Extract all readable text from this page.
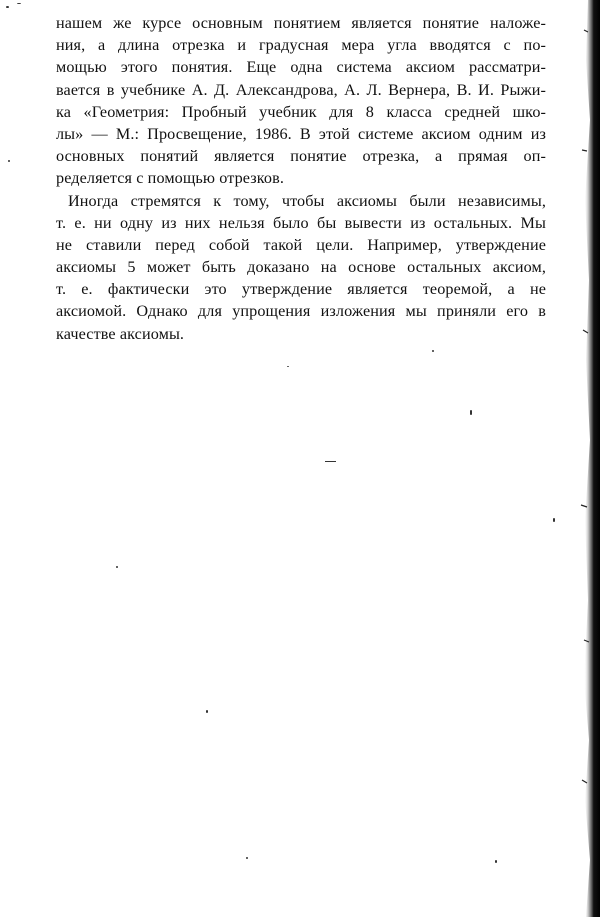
нашем же курсе основным понятием является понятие наложе-
ния, а длина отрезка и градусная мера угла вводятся с по-
мощью этого понятия. Еще одна система аксиом рассматри-
вается в учебнике А. Д. Александрова, А. Л. Вернера, В. И. Рыжи-
ка «Геометрия: Пробный учебник для 8 класса средней шко-
лы» — М.: Просвещение, 1986. В этой системе аксиом одним из
основных понятий является понятие отрезка, а прямая оп-
ределяется с помощью отрезков.
Иногда стремятся к тому, чтобы аксиомы были независимы,
т. е. ни одну из них нельзя было бы вывести из остальных. Мы
не ставили перед собой такой цели. Например, утверждение
аксиомы 5 может быть доказано на основе остальных аксиом,
т. е. фактически это утверждение является теоремой, а не
аксиомой. Однако для упрощения изложения мы приняли его в
качестве аксиомы.
